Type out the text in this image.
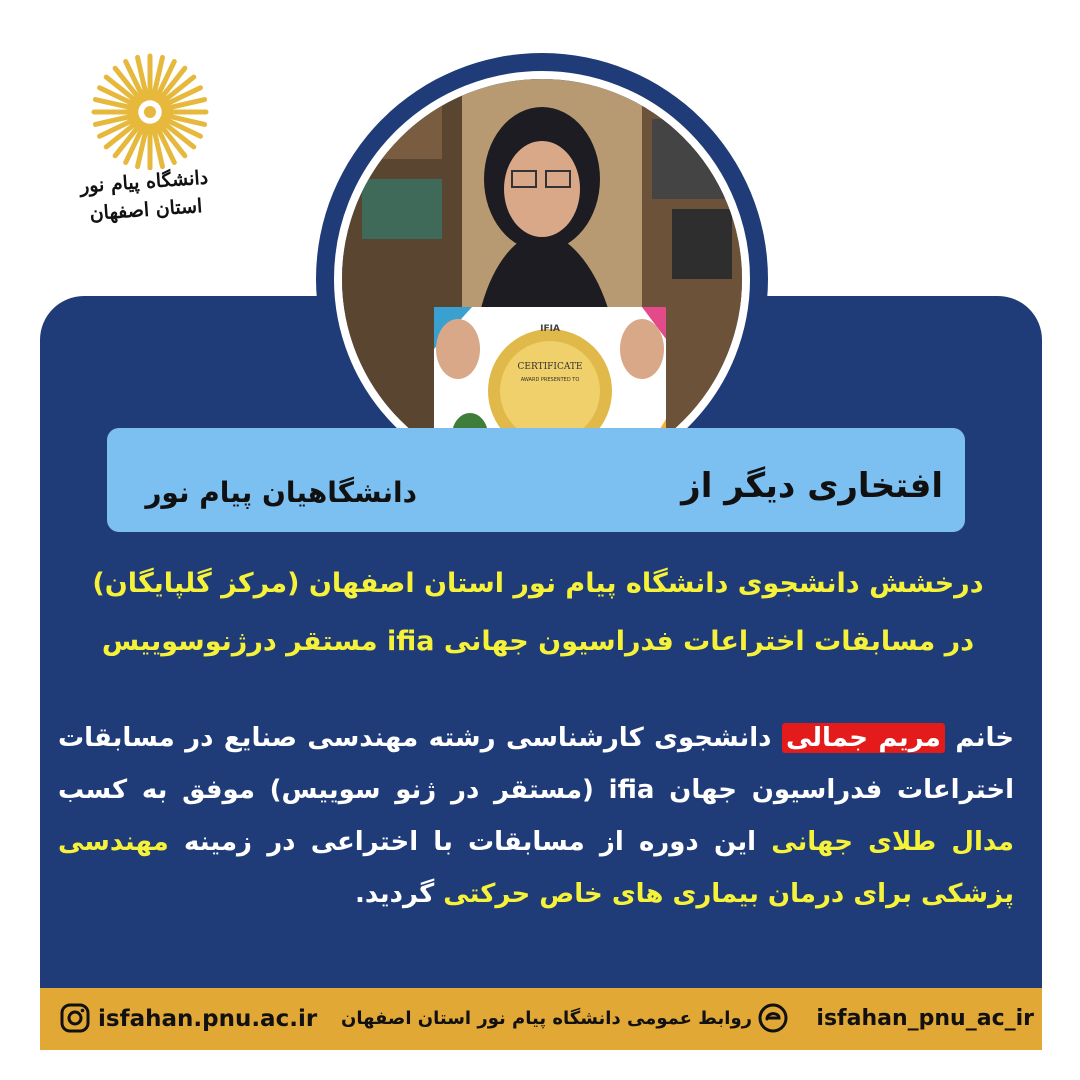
دانشگاه پیام نور
استان اصفهان
CERTIFICATE
AWARD PRESENTED TO
IFIA
افتخاری دیگر از
دانشگاهیان پیام نور
درخشش دانشجوی دانشگاه پیام نور استان اصفهان (مرکز گلپایگان)
در مسابقات اختراعات فدراسیون جهانی ifia مستقر درژنوسوییس
خانم مریم جمالی دانشجوی کارشناسی رشته مهندسی صنایع در مسابقات اختراعات فدراسیون جهان ifia (مستقر در ژنو سوییس) موفق به کسب مدال طلای جهانی این دوره از مسابقات با اختراعی در زمینه مهندسی پزشکی برای درمان بیماری های خاص حرکتی گردید.
isfahan_pnu_ac_ir
روابط عمومی دانشگاه پیام نور استان اصفهان
isfahan.pnu.ac.ir
